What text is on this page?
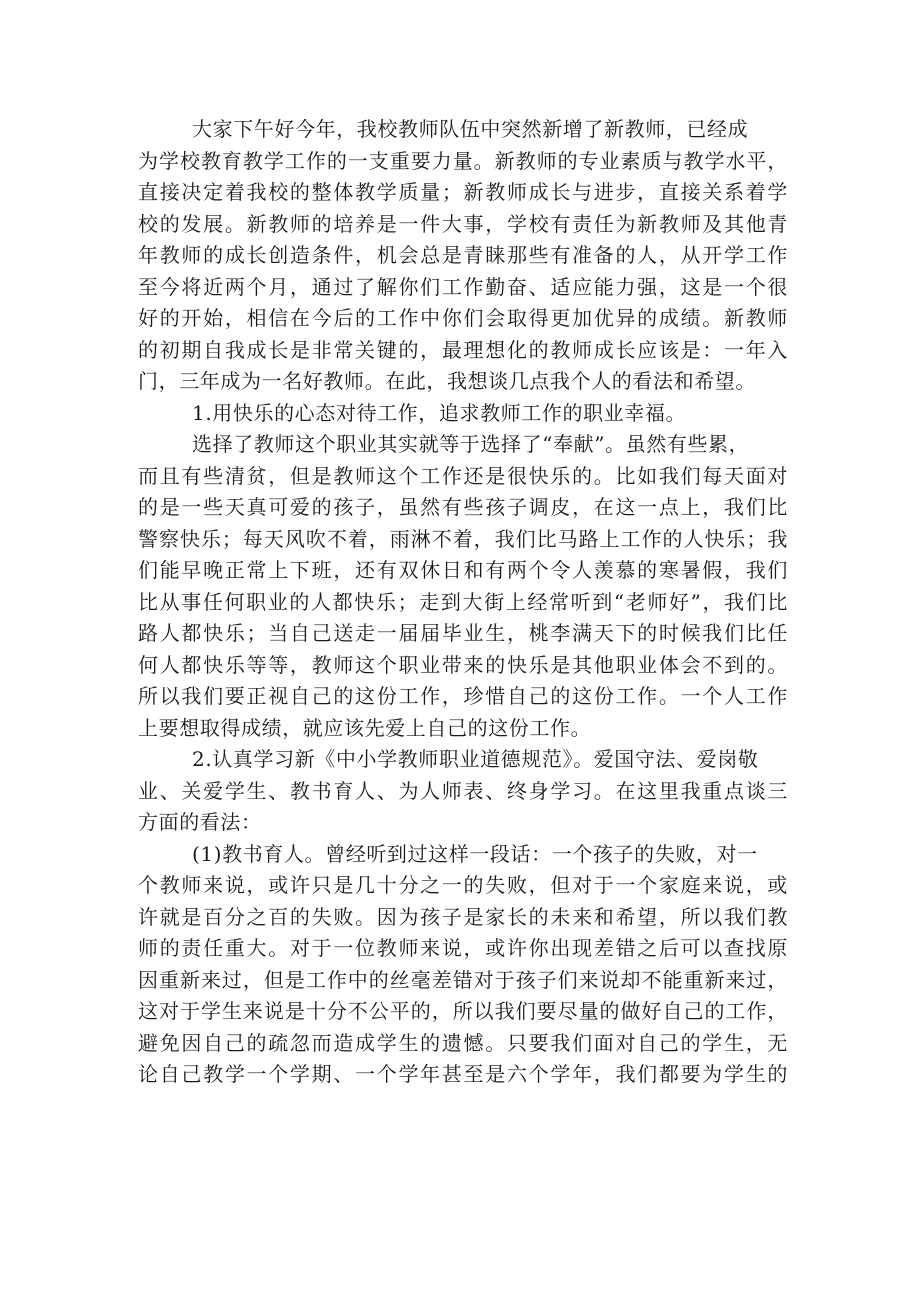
大家下午好今年，我校教师队伍中突然新增了新教师，已经成
为学校教育教学工作的一支重要力量。新教师的专业素质与教学水平，
直接决定着我校的整体教学质量；新教师成长与进步，直接关系着学
校的发展。新教师的培养是一件大事，学校有责任为新教师及其他青
年教师的成长创造条件，机会总是青睐那些有准备的人，从开学工作
至今将近两个月，通过了解你们工作勤奋、适应能力强，这是一个很
好的开始，相信在今后的工作中你们会取得更加优异的成绩。新教师
的初期自我成长是非常关键的，最理想化的教师成长应该是：一年入
门，三年成为一名好教师。在此，我想谈几点我个人的看法和希望。
1.用快乐的心态对待工作，追求教师工作的职业幸福。
选择了教师这个职业其实就等于选择了“奉献”。虽然有些累，
而且有些清贫，但是教师这个工作还是很快乐的。比如我们每天面对
的是一些天真可爱的孩子，虽然有些孩子调皮，在这一点上，我们比
警察快乐；每天风吹不着，雨淋不着，我们比马路上工作的人快乐；我
们能早晚正常上下班，还有双休日和有两个令人羡慕的寒暑假，我们
比从事任何职业的人都快乐；走到大街上经常听到“老师好”，我们比
路人都快乐；当自己送走一届届毕业生，桃李满天下的时候我们比任
何人都快乐等等，教师这个职业带来的快乐是其他职业体会不到的。
所以我们要正视自己的这份工作，珍惜自己的这份工作。一个人工作
上要想取得成绩，就应该先爱上自己的这份工作。
2.认真学习新《中小学教师职业道德规范》。爱国守法、爱岗敬
业、关爱学生、教书育人、为人师表、终身学习。在这里我重点谈三
方面的看法：
(1)教书育人。曾经听到过这样一段话：一个孩子的失败，对一
个教师来说，或许只是几十分之一的失败，但对于一个家庭来说，或
许就是百分之百的失败。因为孩子是家长的未来和希望，所以我们教
师的责任重大。对于一位教师来说，或许你出现差错之后可以查找原
因重新来过，但是工作中的丝毫差错对于孩子们来说却不能重新来过，
这对于学生来说是十分不公平的，所以我们要尽量的做好自己的工作，
避免因自己的疏忽而造成学生的遗憾。只要我们面对自己的学生，无
论自己教学一个学期、一个学年甚至是六个学年，我们都要为学生的
